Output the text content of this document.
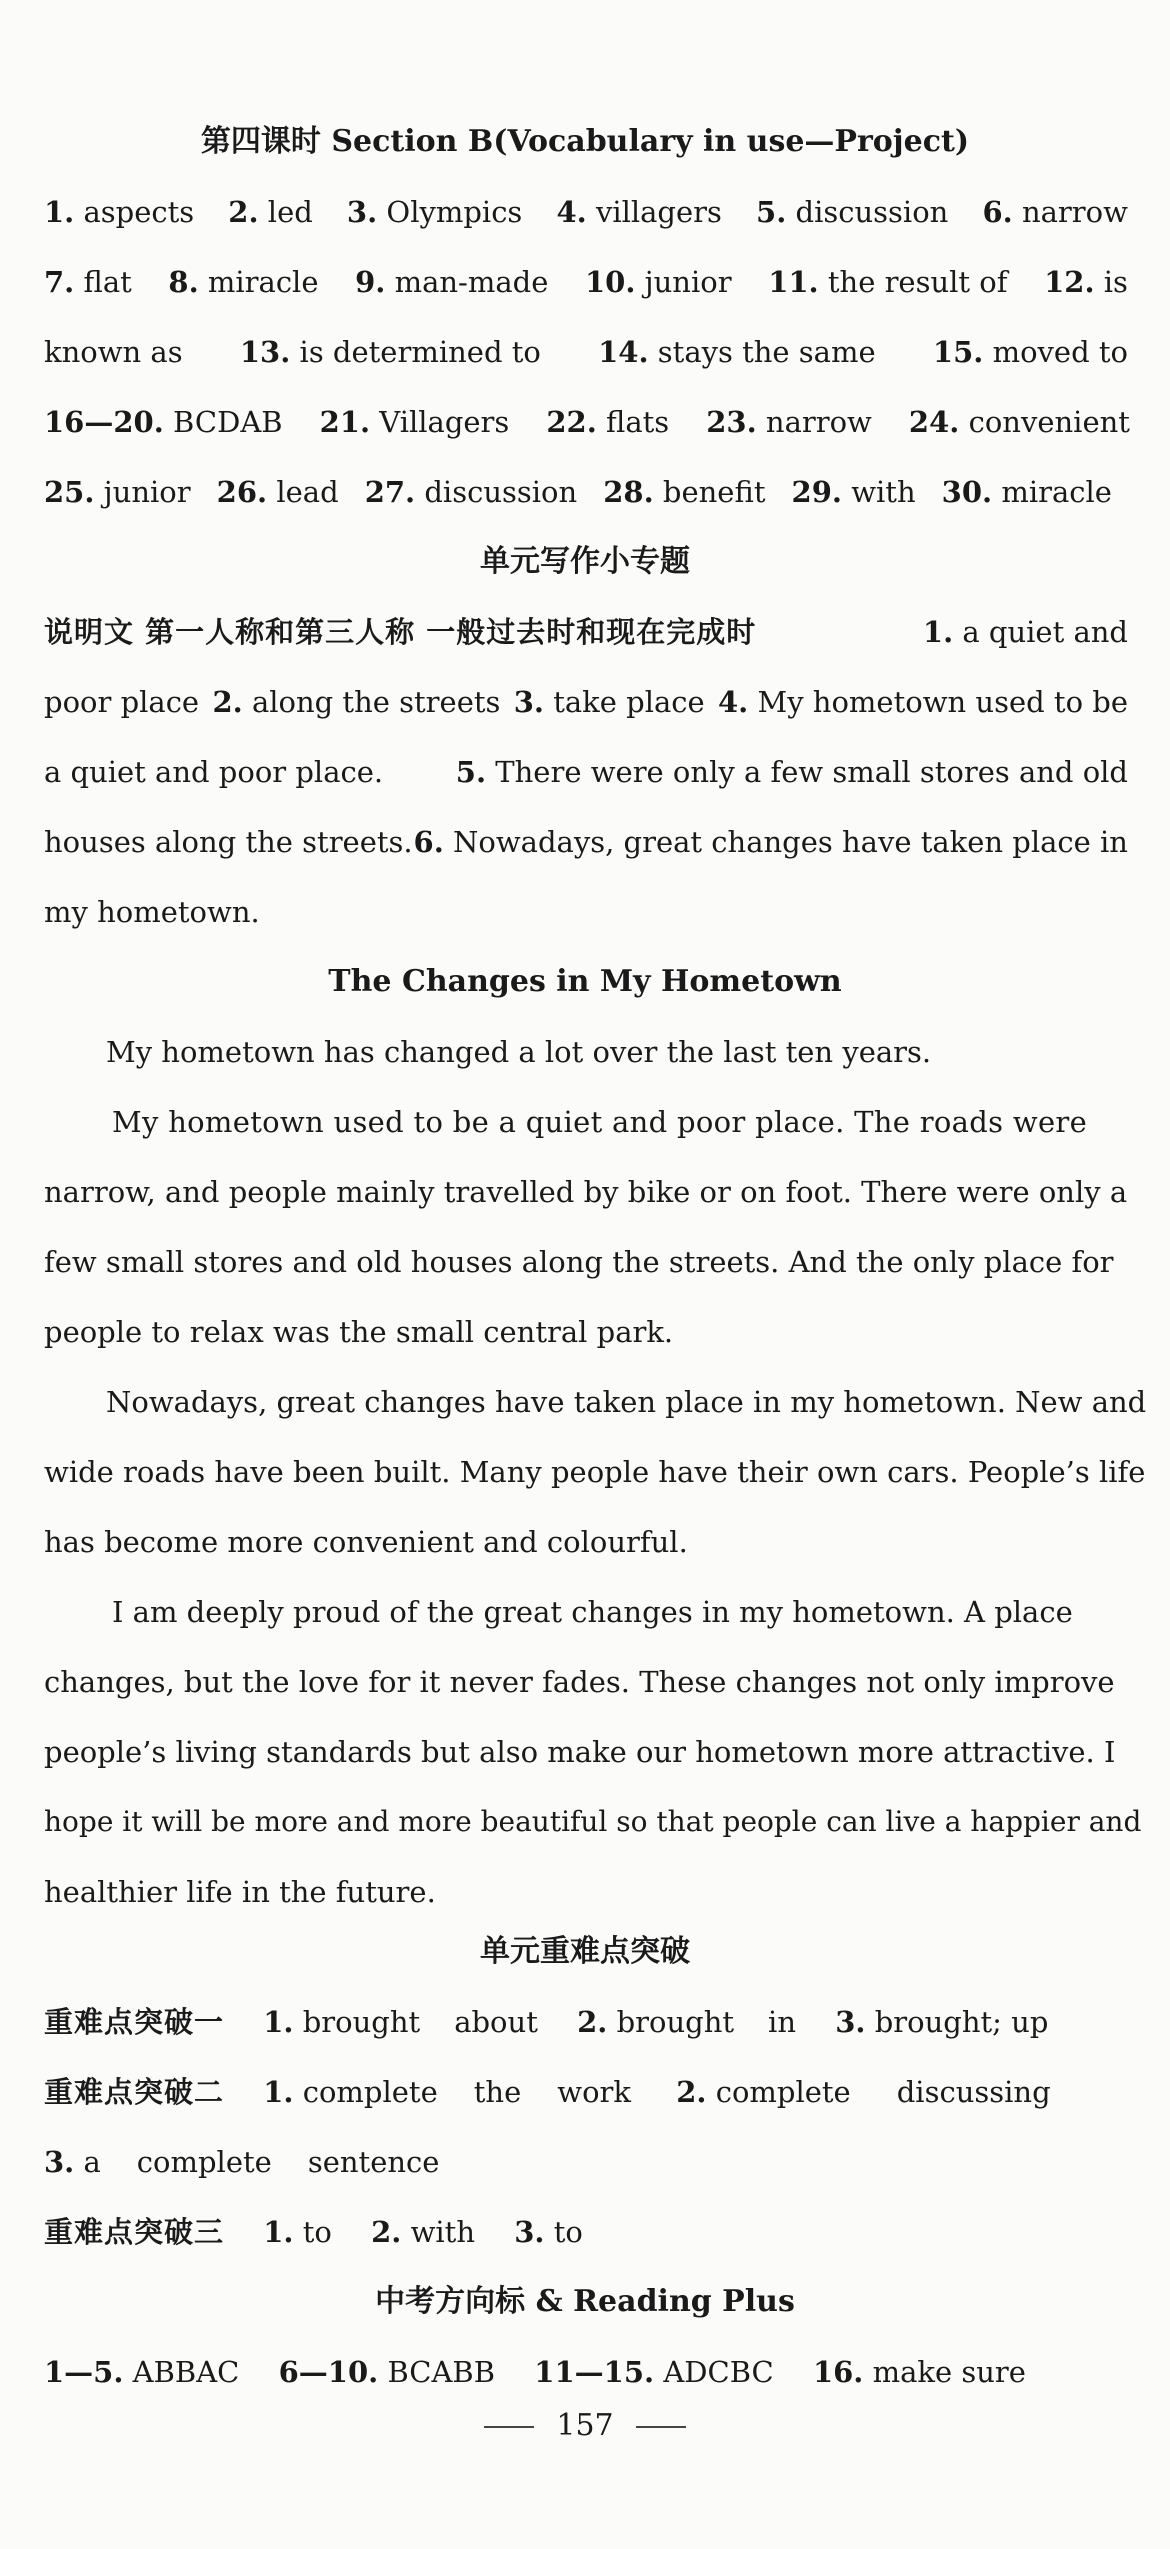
第四课时 Section B(Vocabulary in use—Project)
1. aspects 2. led 3. Olympics 4. villagers 5. discussion 6. narrow
7. flat 8. miracle 9. man-made 10. junior 11. the result of 12. is
known as 13. is determined to 14. stays the same 15. moved to
16—20. BCDAB 21. Villagers 22. flats 23. narrow 24. convenient
25. junior 26. lead 27. discussion 28. benefit 29. with 30. miracle
单元写作小专题
说明文 第一人称和第三人称 一般过去时和现在完成时	1. a quiet and
poor place 2. along the streets 3. take place 4. My hometown used to be
a quiet and poor place.	5. There were only a few small stores and old
houses along the streets. 6. Nowadays, great changes have taken place in
my hometown.
The Changes in My Hometown
My hometown has changed a lot over the last ten years.
My hometown used to be a quiet and poor place. The roads were
narrow, and people mainly travelled by bike or on foot. There were only a
few small stores and old houses along the streets. And the only place for
people to relax was the small central park.
Nowadays, great changes have taken place in my hometown. New and
wide roads have been built. Many people have their own cars. People’s life
has become more convenient and colourful.
I am deeply proud of the great changes in my hometown. A place
changes, but the love for it never fades. These changes not only improve
people’s living standards but also make our hometown more attractive. I
hope it will be more and more beautiful so that people can live a happier and
healthier life in the future.
单元重难点突破
重难点突破一 1. brought about 2. brought in 3. brought; up
重难点突破二 1. complete the work 2. complete discussing
3. a complete sentence
重难点突破三 1. to 2. with 3. to
中考方向标 & Reading Plus
1—5. ABBAC 6—10. BCABB 11—15. ADCBC 16. make sure
157
